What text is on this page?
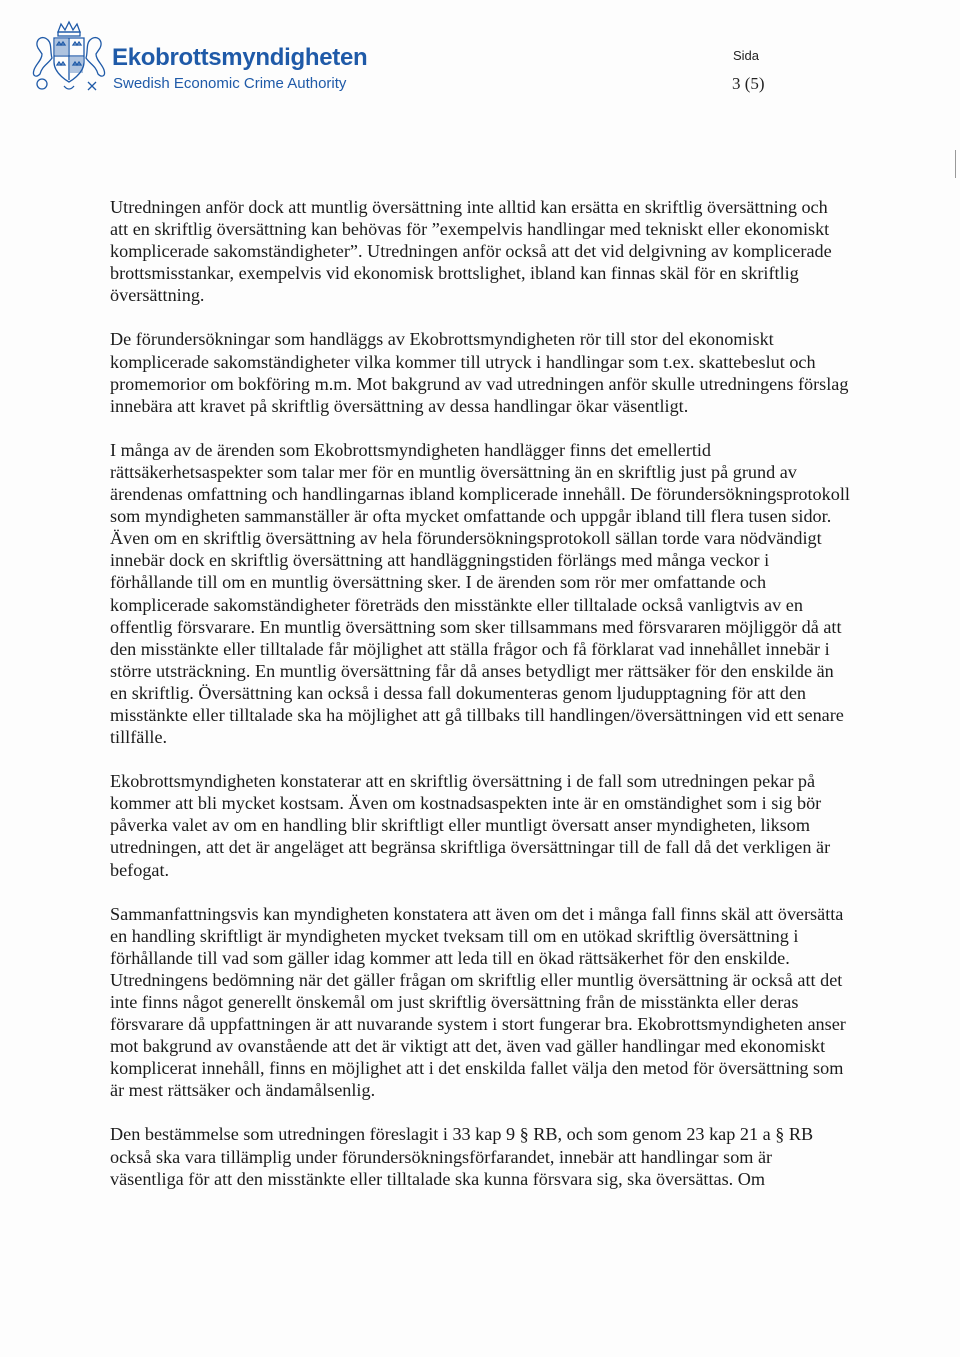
Ekobrottsmyndigheten
Swedish Economic Crime Authority
Sida
3 (5)

Utredningen anför dock att muntlig översättning inte alltid kan ersätta en skriftlig översättning och att en skriftlig översättning kan behövas för ”exempelvis handlingar med tekniskt eller ekonomiskt komplicerade sakomständigheter”. Utredningen anför också att det vid delgivning av komplicerade brottsmisstankar, exempelvis vid ekonomisk brottslighet, ibland kan finnas skäl för en skriftlig översättning.

De förundersökningar som handläggs av Ekobrottsmyndigheten rör till stor del ekonomiskt komplicerade sakomständigheter vilka kommer till utryck i handlingar som t.ex. skattebeslut och promemorior om bokföring m.m. Mot bakgrund av vad utredningen anför skulle utredningens förslag innebära att kravet på skriftlig översättning av dessa handlingar ökar väsentligt.

I många av de ärenden som Ekobrottsmyndigheten handlägger finns det emellertid rättsäkerhetsaspekter som talar mer för en muntlig översättning än en skriftlig just på grund av ärendenas omfattning och handlingarnas ibland komplicerade innehåll. De förundersökningsprotokoll som myndigheten sammanställer är ofta mycket omfattande och uppgår ibland till flera tusen sidor. Även om en skriftlig översättning av hela förundersökningsprotokoll sällan torde vara nödvändigt innebär dock en skriftlig översättning att handläggningstiden förlängs med många veckor i förhållande till om en muntlig översättning sker. I de ärenden som rör mer omfattande och komplicerade sakomständigheter företräds den misstänkte eller tilltalade också vanligtvis av en offentlig försvarare. En muntlig översättning som sker tillsammans med försvararen möjliggör då att den misstänkte eller tilltalade får möjlighet att ställa frågor och få förklarat vad innehållet innebär i större utsträckning. En muntlig översättning får då anses betydligt mer rättsäker för den enskilde än en skriftlig. Översättning kan också i dessa fall dokumenteras genom ljudupptagning för att den misstänkte eller tilltalade ska ha möjlighet att gå tillbaks till handlingen/översättningen vid ett senare tillfälle.

Ekobrottsmyndigheten konstaterar att en skriftlig översättning i de fall som utredningen pekar på kommer att bli mycket kostsam. Även om kostnadsaspekten inte är en omständighet som i sig bör påverka valet av om en handling blir skriftligt eller muntligt översatt anser myndigheten, liksom utredningen, att det är angeläget att begränsa skriftliga översättningar till de fall då det verkligen är befogat.

Sammanfattningsvis kan myndigheten konstatera att även om det i många fall finns skäl att översätta en handling skriftligt är myndigheten mycket tveksam till om en utökad skriftlig översättning i förhållande till vad som gäller idag kommer att leda till en ökad rättsäkerhet för den enskilde. Utredningens bedömning när det gäller frågan om skriftlig eller muntlig översättning är också att det inte finns något generellt önskemål om just skriftlig översättning från de misstänkta eller deras försvarare då uppfattningen är att nuvarande system i stort fungerar bra. Ekobrottsmyndigheten anser mot bakgrund av ovanstående att det är viktigt att det, även vad gäller handlingar med ekonomiskt komplicerat innehåll, finns en möjlighet att i det enskilda fallet välja den metod för översättning som är mest rättsäker och ändamålsenlig.

Den bestämmelse som utredningen föreslagit i 33 kap 9 § RB, och som genom 23 kap 21 a § RB också ska vara tillämplig under förundersökningsförfarandet, innebär att handlingar som är väsentliga för att den misstänkte eller tilltalade ska kunna försvara sig, ska översättas. Om
